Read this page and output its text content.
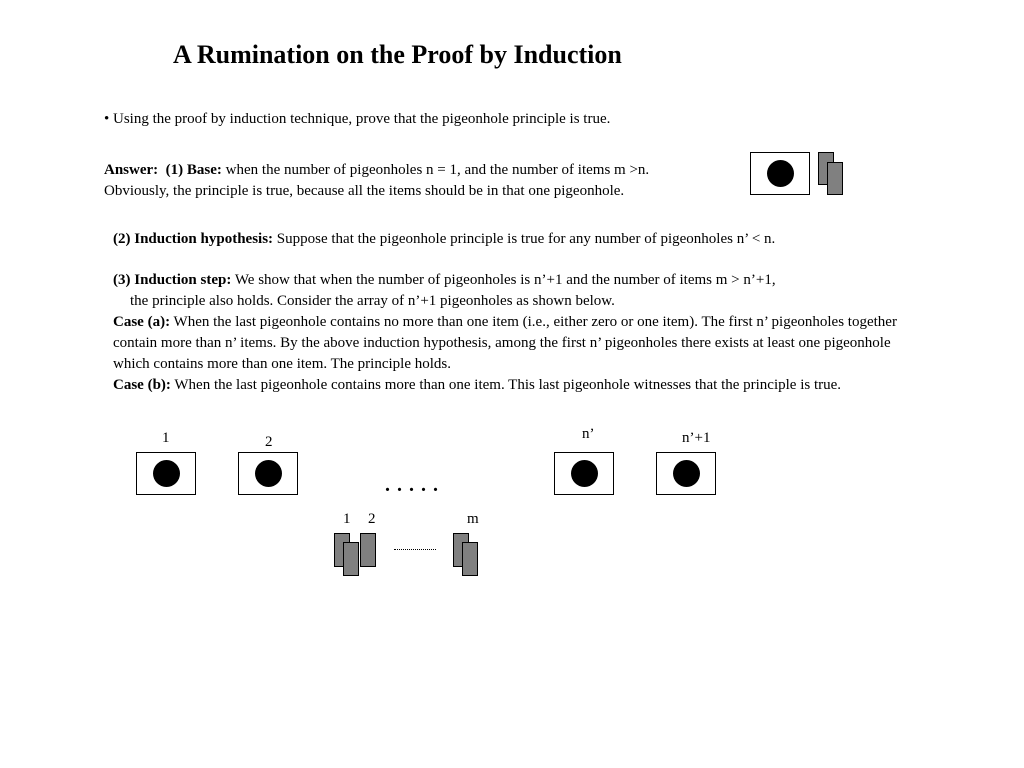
A Rumination on the Proof by Induction
• Using the proof by induction technique, prove that the pigeonhole principle is true.
Answer: (1) Base: when the number of pigeonholes n = 1, and the number of items m >n.
Obviously, the principle is true, because all the items should be in that one pigeonhole.
(2) Induction hypothesis: Suppose that the pigeonhole principle is true for any number of pigeonholes n’ < n.
(3) Induction step: We show that when the number of pigeonholes is n’+1 and the number of items m > n’+1,
the principle also holds. Consider the array of n’+1 pigeonholes as shown below.
Case (a): When the last pigeonhole contains no more than one item (i.e., either zero or one item). The first n’ pigeonholes together contain more than n’ items. By the above induction hypothesis, among the first n’ pigeonholes there exists at least one pigeonhole which contains more than one item. The principle holds.
Case (b): When the last pigeonhole contains more than one item. This last pigeonhole witnesses that the principle is true.
1	2	n’	n’+1
. . . . .
1 2	m
